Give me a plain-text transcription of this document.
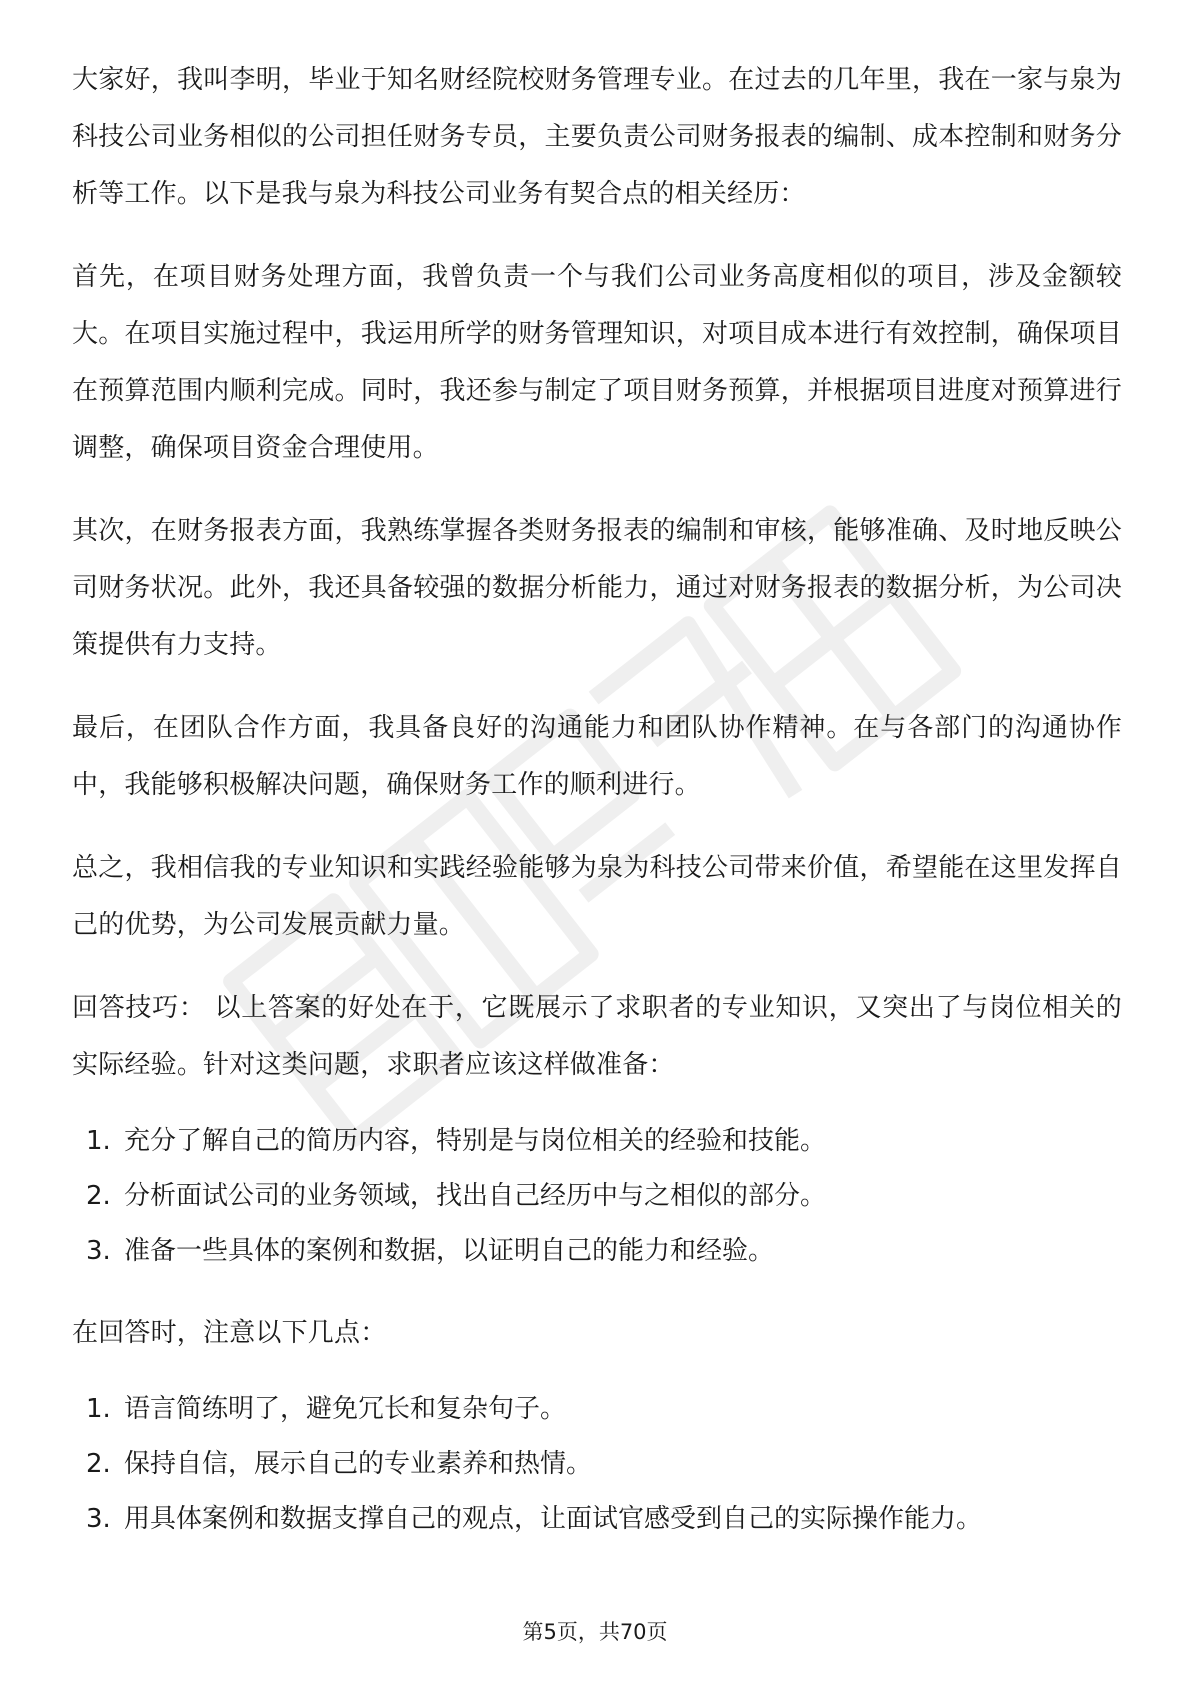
大家好，我叫李明，毕业于知名财经院校财务管理专业。在过去的几年里，我在一家与泉为科技公司业务相似的公司担任财务专员，主要负责公司财务报表的编制、成本控制和财务分析等工作。以下是我与泉为科技公司业务有契合点的相关经历：

首先，在项目财务处理方面，我曾负责一个与我们公司业务高度相似的项目，涉及金额较大。在项目实施过程中，我运用所学的财务管理知识，对项目成本进行有效控制，确保项目在预算范围内顺利完成。同时，我还参与制定了项目财务预算，并根据项目进度对预算进行调整，确保项目资金合理使用。

其次，在财务报表方面，我熟练掌握各类财务报表的编制和审核，能够准确、及时地反映公司财务状况。此外，我还具备较强的数据分析能力，通过对财务报表的数据分析，为公司决策提供有力支持。

最后，在团队合作方面，我具备良好的沟通能力和团队协作精神。在与各部门的沟通协作中，我能够积极解决问题，确保财务工作的顺利进行。

总之，我相信我的专业知识和实践经验能够为泉为科技公司带来价值，希望能在这里发挥自己的优势，为公司发展贡献力量。

回答技巧： 以上答案的好处在于，它既展示了求职者的专业知识，又突出了与岗位相关的实际经验。针对这类问题，求职者应该这样做准备：

1. 充分了解自己的简历内容，特别是与岗位相关的经验和技能。
2. 分析面试公司的业务领域，找出自己经历中与之相似的部分。
3. 准备一些具体的案例和数据，以证明自己的能力和经验。

在回答时，注意以下几点：

1. 语言简练明了，避免冗长和复杂句子。
2. 保持自信，展示自己的专业素养和热情。
3. 用具体案例和数据支撑自己的观点，让面试官感受到自己的实际操作能力。
第5页，共70页
